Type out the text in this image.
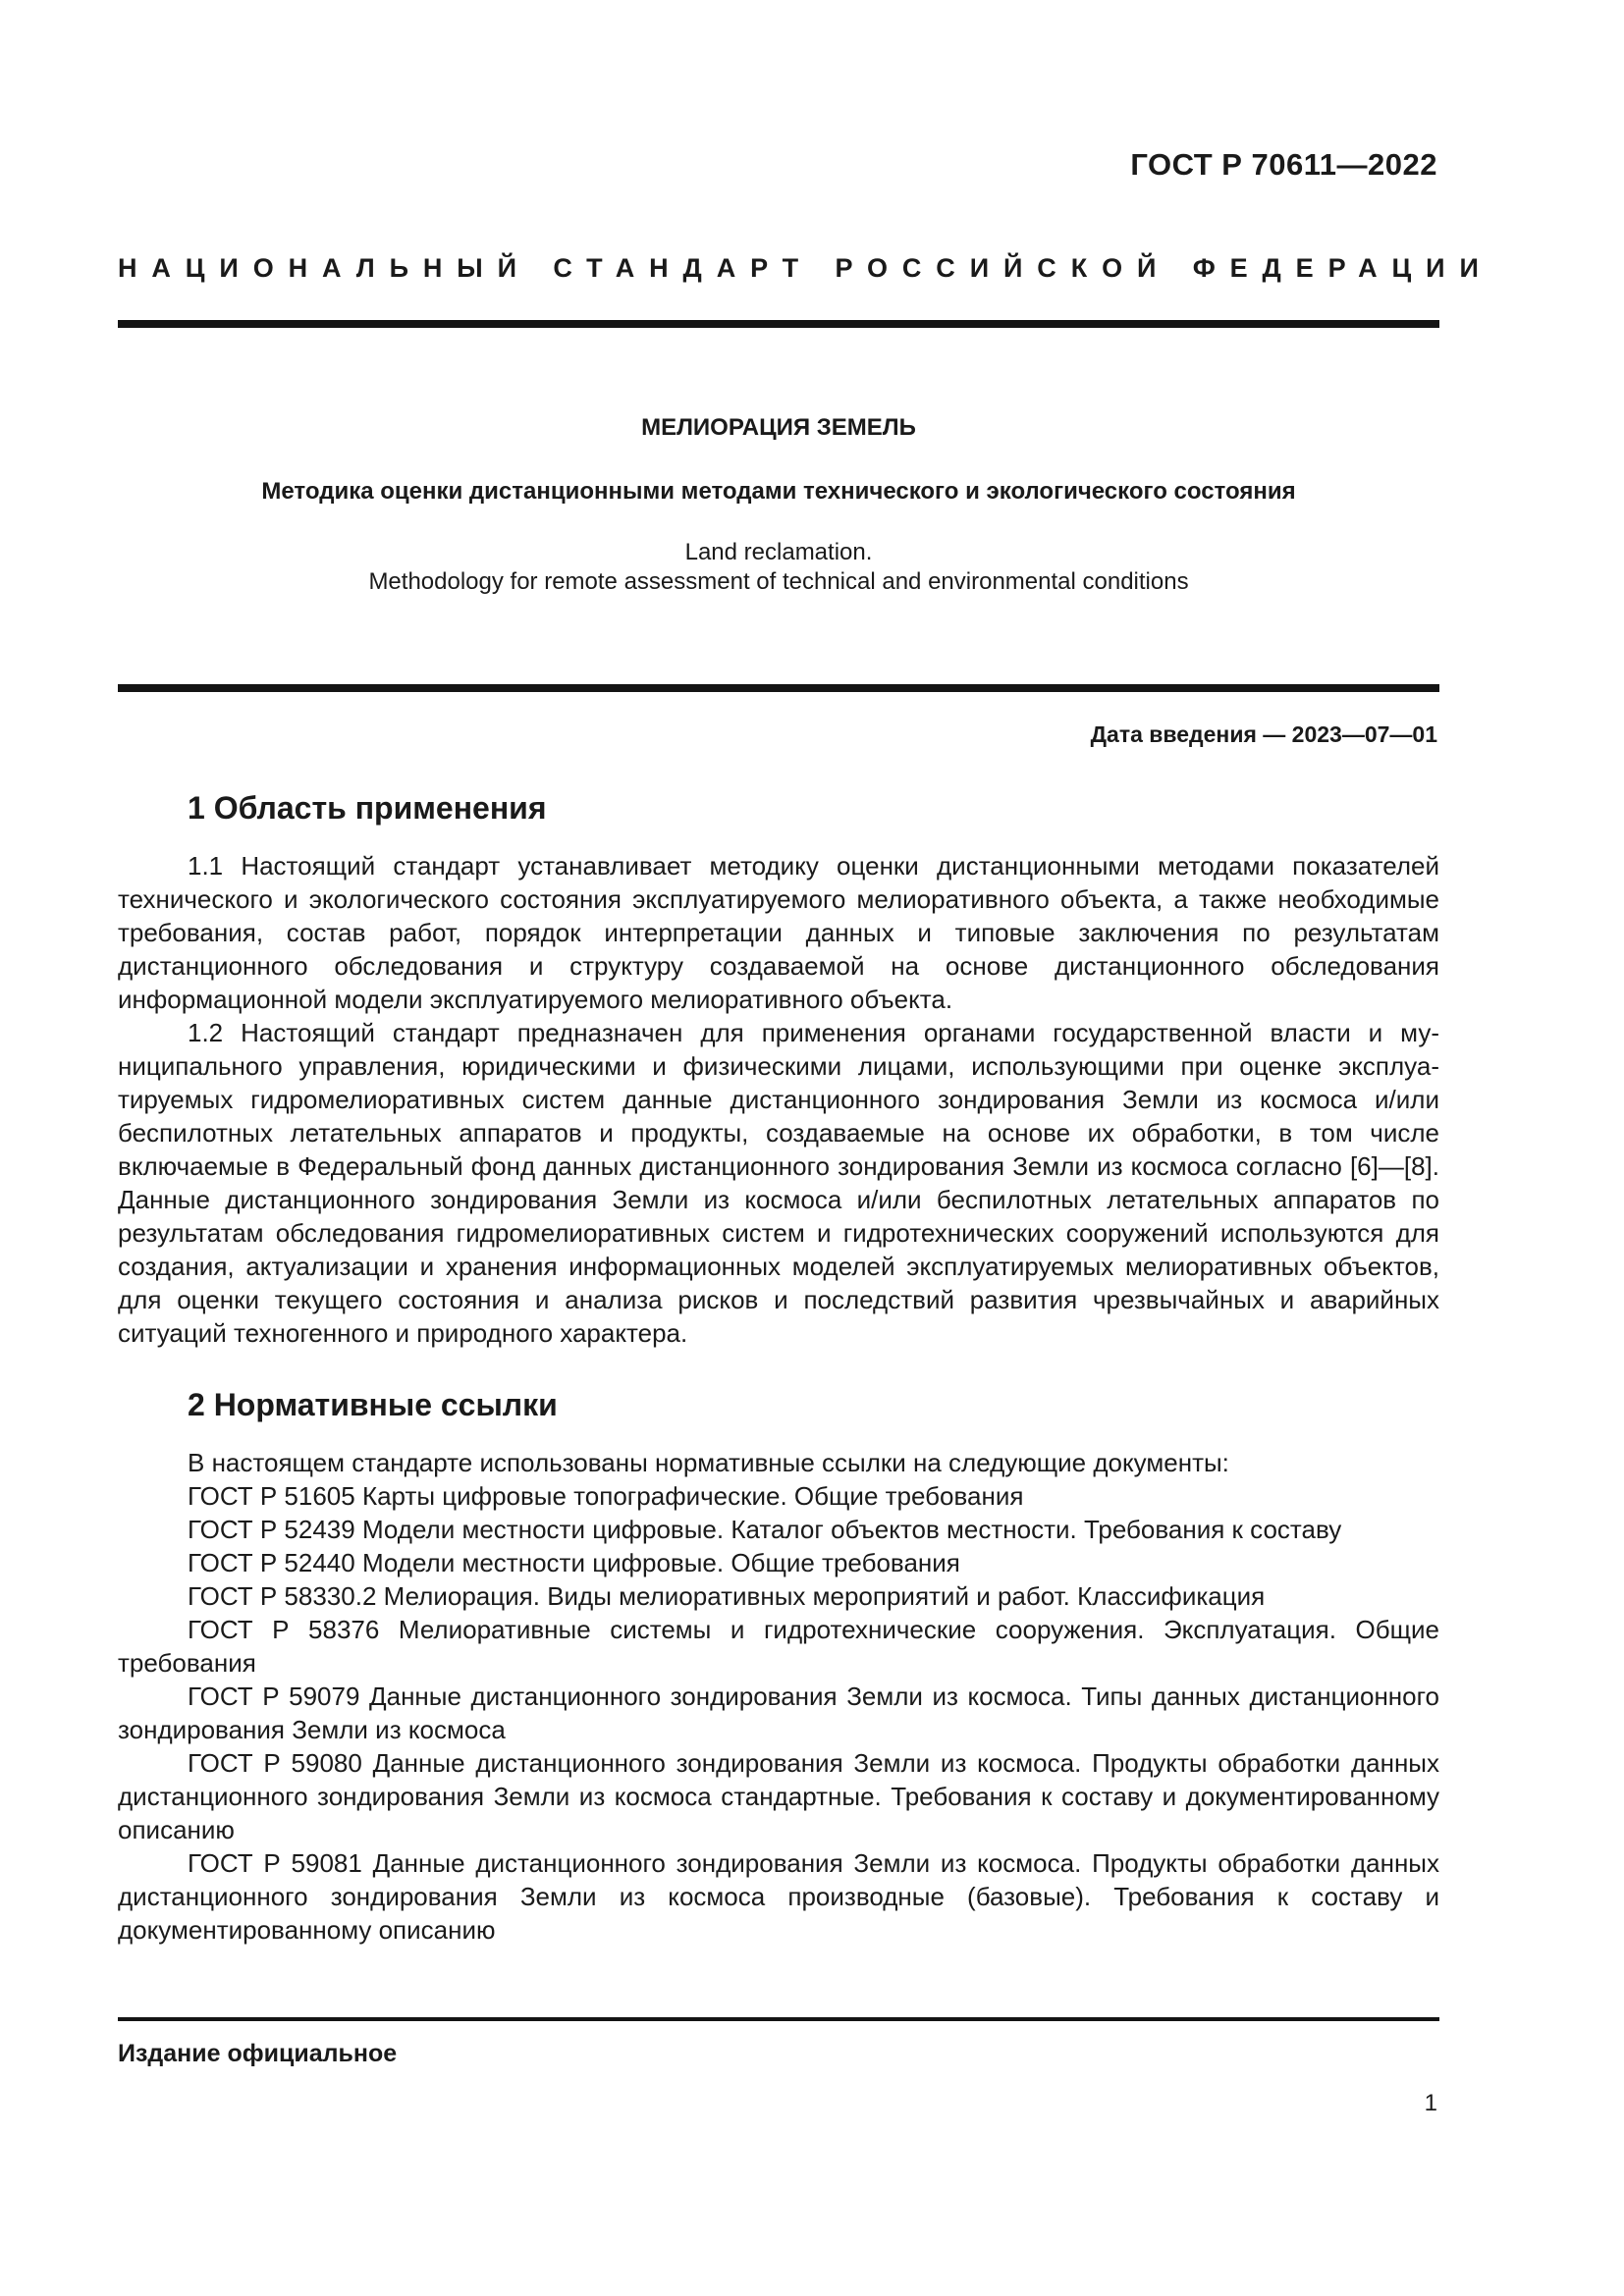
ГОСТ Р 70611—2022
НАЦИОНАЛЬНЫЙ СТАНДАРТ РОССИЙСКОЙ ФЕДЕРАЦИИ
МЕЛИОРАЦИЯ ЗЕМЕЛЬ
Методика оценки дистанционными методами технического и экологического состояния
Land reclamation.
Methodology for remote assessment of technical and environmental conditions
Дата введения — 2023—07—01
1 Область применения

1.1 Настоящий стандарт устанавливает методику оценки дистанционными методами показателей технического и экологического состояния эксплуатируемого мелиоративного объекта, а также необходимые требования, состав работ, порядок интерпретации данных и типовые заключения по результатам дистанционного обследования и структуру создаваемой на основе дистанционного обследования информационной модели эксплуатируемого мелиоративного объекта.

1.2 Настоящий стандарт предназначен для применения органами государственной власти и муниципального управления, юридическими и физическими лицами, использующими при оценке эксплуатируемых гидромелиоративных систем данные дистанционного зондирования Земли из космоса и/или беспилотных летательных аппаратов и продукты, создаваемые на основе их обработки, в том числе включаемые в Федеральный фонд данных дистанционного зондирования Земли из космоса согласно [6]—[8]. Данные дистанционного зондирования Земли из космоса и/или беспилотных летательных аппаратов по результатам обследования гидромелиоративных систем и гидротехнических сооружений используются для создания, актуализации и хранения информационных моделей эксплуатируемых мелиоративных объектов, для оценки текущего состояния и анализа рисков и последствий развития чрезвычайных и аварийных ситуаций техногенного и природного характера.

2 Нормативные ссылки

В настоящем стандарте использованы нормативные ссылки на следующие документы:

ГОСТ Р 51605 Карты цифровые топографические. Общие требования

ГОСТ Р 52439 Модели местности цифровые. Каталог объектов местности. Требования к составу

ГОСТ Р 52440 Модели местности цифровые. Общие требования

ГОСТ Р 58330.2 Мелиорация. Виды мелиоративных мероприятий и работ. Классификация

ГОСТ Р 58376 Мелиоративные системы и гидротехнические сооружения. Эксплуатация. Общие требования

ГОСТ Р 59079 Данные дистанционного зондирования Земли из космоса. Типы данных дистанционного зондирования Земли из космоса

ГОСТ Р 59080 Данные дистанционного зондирования Земли из космоса. Продукты обработки данных дистанционного зондирования Земли из космоса стандартные. Требования к составу и документированному описанию

ГОСТ Р 59081 Данные дистанционного зондирования Земли из космоса. Продукты обработки данных дистанционного зондирования Земли из космоса производные (базовые). Требования к составу и документированному описанию

Издание официальное
1
